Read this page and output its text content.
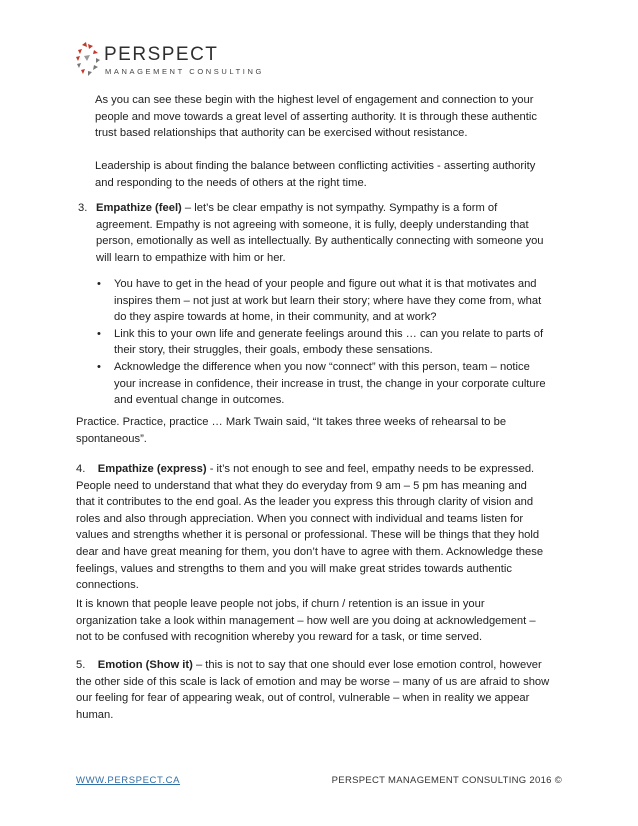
PERSPECT
MANAGEMENT CONSULTING

As you can see these begin with the highest level of engagement and connection to your people and move towards a great level of asserting authority. It is through these authentic trust based relationships that authority can be exercised without resistance.

Leadership is about finding the balance between conflicting activities - asserting authority and responding to the needs of others at the right time.

3. Empathize (feel) – let’s be clear empathy is not sympathy. Sympathy is a form of agreement. Empathy is not agreeing with someone, it is fully, deeply understanding that person, emotionally as well as intellectually. By authentically connecting with someone you will learn to empathize with him or her.
• You have to get in the head of your people and figure out what it is that motivates and inspires them – not just at work but learn their story; where have they come from, what do they aspire towards at home, in their community, and at work?
• Link this to your own life and generate feelings around this … can you relate to parts of their story, their struggles, their goals, embody these sensations.
• Acknowledge the difference when you now “connect” with this person, team – notice your increase in confidence, their increase in trust, the change in your corporate culture and eventual change in outcomes.
Practice. Practice, practice … Mark Twain said, “It takes three weeks of rehearsal to be spontaneous”.
4. Empathize (express) - it’s not enough to see and feel, empathy needs to be expressed. People need to understand that what they do everyday from 9 am – 5 pm has meaning and that it contributes to the end goal. As the leader you express this through clarity of vision and roles and also through appreciation. When you connect with individual and teams listen for values and strengths whether it is personal or professional. These will be things that they hold dear and have great meaning for them, you don’t have to agree with them. Acknowledge these feelings, values and strengths to them and you will make great strides towards authentic connections.
It is known that people leave people not jobs, if churn / retention is an issue in your organization take a look within management – how well are you doing at acknowledgement – not to be confused with recognition whereby you reward for a task, or time served.
5. Emotion (Show it) – this is not to say that one should ever lose emotion control, however the other side of this scale is lack of emotion and may be worse – many of us are afraid to show our feeling for fear of appearing weak, out of control, vulnerable – when in reality we appear human.
WWW.PERSPECT.CA	PERSPECT MANAGEMENT CONSULTING 2016 ©
